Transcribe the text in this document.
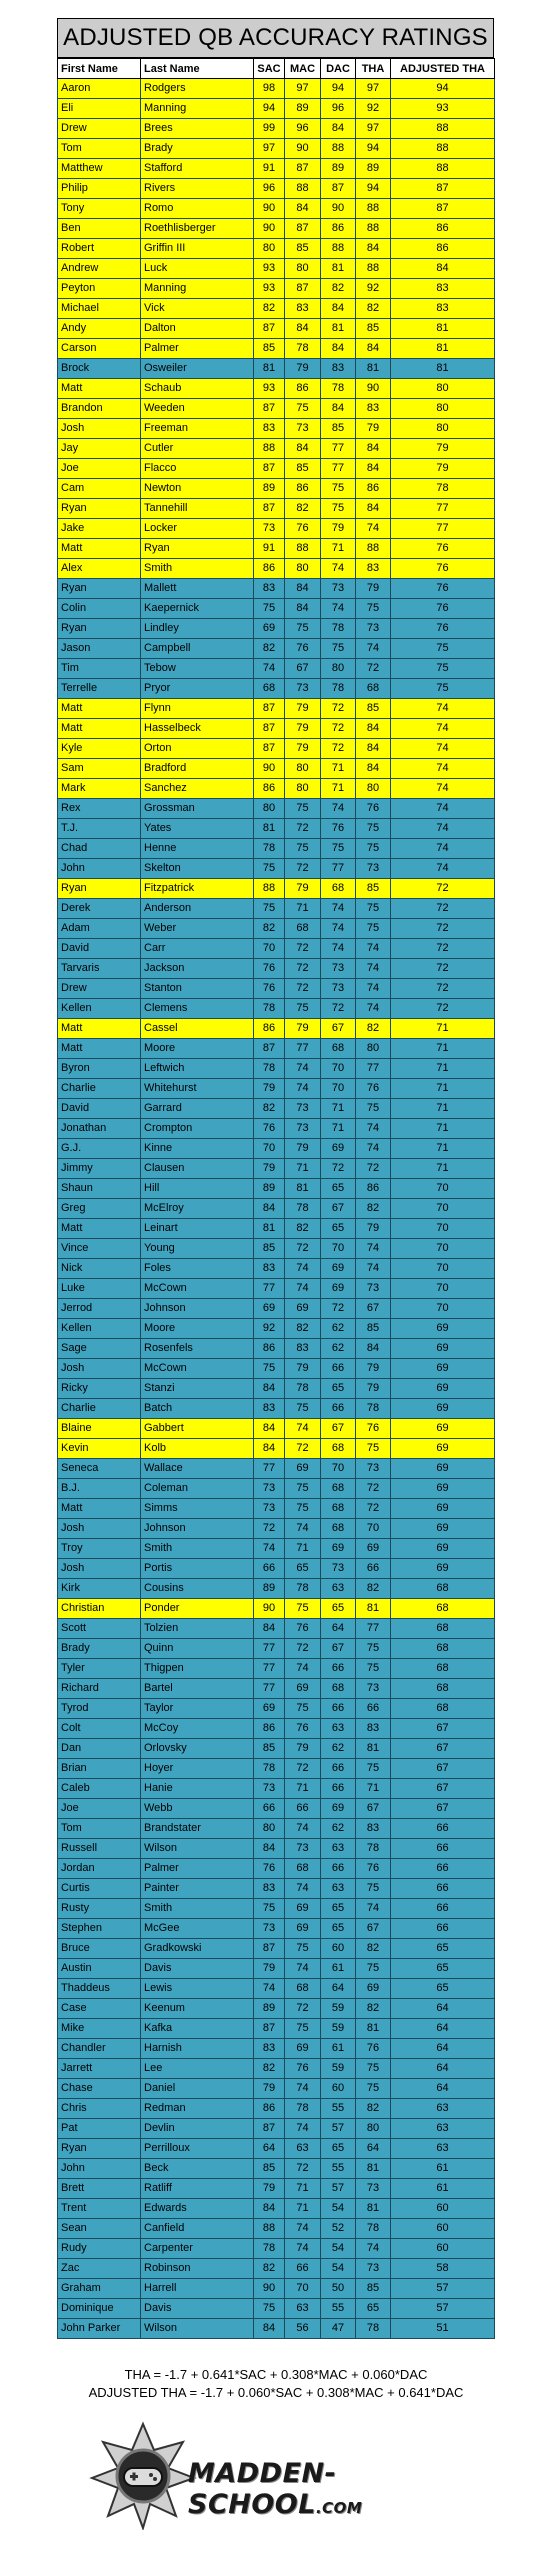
ADJUSTED QB ACCURACY RATINGS
First Name	Last Name	SAC	MAC	DAC	THA	ADJUSTED THA
Aaron	Rodgers	98	97	94	97	94
Eli	Manning	94	89	96	92	93
Drew	Brees	99	96	84	97	88
Tom	Brady	97	90	88	94	88
Matthew	Stafford	91	87	89	89	88
Philip	Rivers	96	88	87	94	87
Tony	Romo	90	84	90	88	87
Ben	Roethlisberger	90	87	86	88	86
Robert	Griffin III	80	85	88	84	86
Andrew	Luck	93	80	81	88	84
Peyton	Manning	93	87	82	92	83
Michael	Vick	82	83	84	82	83
Andy	Dalton	87	84	81	85	81
Carson	Palmer	85	78	84	84	81
Brock	Osweiler	81	79	83	81	81
Matt	Schaub	93	86	78	90	80
Brandon	Weeden	87	75	84	83	80
Josh	Freeman	83	73	85	79	80
Jay	Cutler	88	84	77	84	79
Joe	Flacco	87	85	77	84	79
Cam	Newton	89	86	75	86	78
Ryan	Tannehill	87	82	75	84	77
Jake	Locker	73	76	79	74	77
Matt	Ryan	91	88	71	88	76
Alex	Smith	86	80	74	83	76
Ryan	Mallett	83	84	73	79	76
Colin	Kaepernick	75	84	74	75	76
Ryan	Lindley	69	75	78	73	76
Jason	Campbell	82	76	75	74	75
Tim	Tebow	74	67	80	72	75
Terrelle	Pryor	68	73	78	68	75
Matt	Flynn	87	79	72	85	74
Matt	Hasselbeck	87	79	72	84	74
Kyle	Orton	87	79	72	84	74
Sam	Bradford	90	80	71	84	74
Mark	Sanchez	86	80	71	80	74
Rex	Grossman	80	75	74	76	74
T.J.	Yates	81	72	76	75	74
Chad	Henne	78	75	75	75	74
John	Skelton	75	72	77	73	74
Ryan	Fitzpatrick	88	79	68	85	72
Derek	Anderson	75	71	74	75	72
Adam	Weber	82	68	74	75	72
David	Carr	70	72	74	74	72
Tarvaris	Jackson	76	72	73	74	72
Drew	Stanton	76	72	73	74	72
Kellen	Clemens	78	75	72	74	72
Matt	Cassel	86	79	67	82	71
Matt	Moore	87	77	68	80	71
Byron	Leftwich	78	74	70	77	71
Charlie	Whitehurst	79	74	70	76	71
David	Garrard	82	73	71	75	71
Jonathan	Crompton	76	73	71	74	71
G.J.	Kinne	70	79	69	74	71
Jimmy	Clausen	79	71	72	72	71
Shaun	Hill	89	81	65	86	70
Greg	McElroy	84	78	67	82	70
Matt	Leinart	81	82	65	79	70
Vince	Young	85	72	70	74	70
Nick	Foles	83	74	69	74	70
Luke	McCown	77	74	69	73	70
Jerrod	Johnson	69	69	72	67	70
Kellen	Moore	92	82	62	85	69
Sage	Rosenfels	86	83	62	84	69
Josh	McCown	75	79	66	79	69
Ricky	Stanzi	84	78	65	79	69
Charlie	Batch	83	75	66	78	69
Blaine	Gabbert	84	74	67	76	69
Kevin	Kolb	84	72	68	75	69
Seneca	Wallace	77	69	70	73	69
B.J.	Coleman	73	75	68	72	69
Matt	Simms	73	75	68	72	69
Josh	Johnson	72	74	68	70	69
Troy	Smith	74	71	69	69	69
Josh	Portis	66	65	73	66	69
Kirk	Cousins	89	78	63	82	68
Christian	Ponder	90	75	65	81	68
Scott	Tolzien	84	76	64	77	68
Brady	Quinn	77	72	67	75	68
Tyler	Thigpen	77	74	66	75	68
Richard	Bartel	77	69	68	73	68
Tyrod	Taylor	69	75	66	66	68
Colt	McCoy	86	76	63	83	67
Dan	Orlovsky	85	79	62	81	67
Brian	Hoyer	78	72	66	75	67
Caleb	Hanie	73	71	66	71	67
Joe	Webb	66	66	69	67	67
Tom	Brandstater	80	74	62	83	66
Russell	Wilson	84	73	63	78	66
Jordan	Palmer	76	68	66	76	66
Curtis	Painter	83	74	63	75	66
Rusty	Smith	75	69	65	74	66
Stephen	McGee	73	69	65	67	66
Bruce	Gradkowski	87	75	60	82	65
Austin	Davis	79	74	61	75	65
Thaddeus	Lewis	74	68	64	69	65
Case	Keenum	89	72	59	82	64
Mike	Kafka	87	75	59	81	64
Chandler	Harnish	83	69	61	76	64
Jarrett	Lee	82	76	59	75	64
Chase	Daniel	79	74	60	75	64
Chris	Redman	86	78	55	82	63
Pat	Devlin	87	74	57	80	63
Ryan	Perrilloux	64	63	65	64	63
John	Beck	85	72	55	81	61
Brett	Ratliff	79	71	57	73	61
Trent	Edwards	84	71	54	81	60
Sean	Canfield	88	74	52	78	60
Rudy	Carpenter	78	74	54	74	60
Zac	Robinson	82	66	54	73	58
Graham	Harrell	90	70	50	85	57
Dominique	Davis	75	63	55	65	57
John Parker	Wilson	84	56	47	78	51
THA = -1.7 + 0.641*SAC + 0.308*MAC + 0.060*DAC
ADJUSTED THA = -1.7 + 0.060*SAC + 0.308*MAC + 0.641*DAC
MADDEN-SCHOOL.COM
